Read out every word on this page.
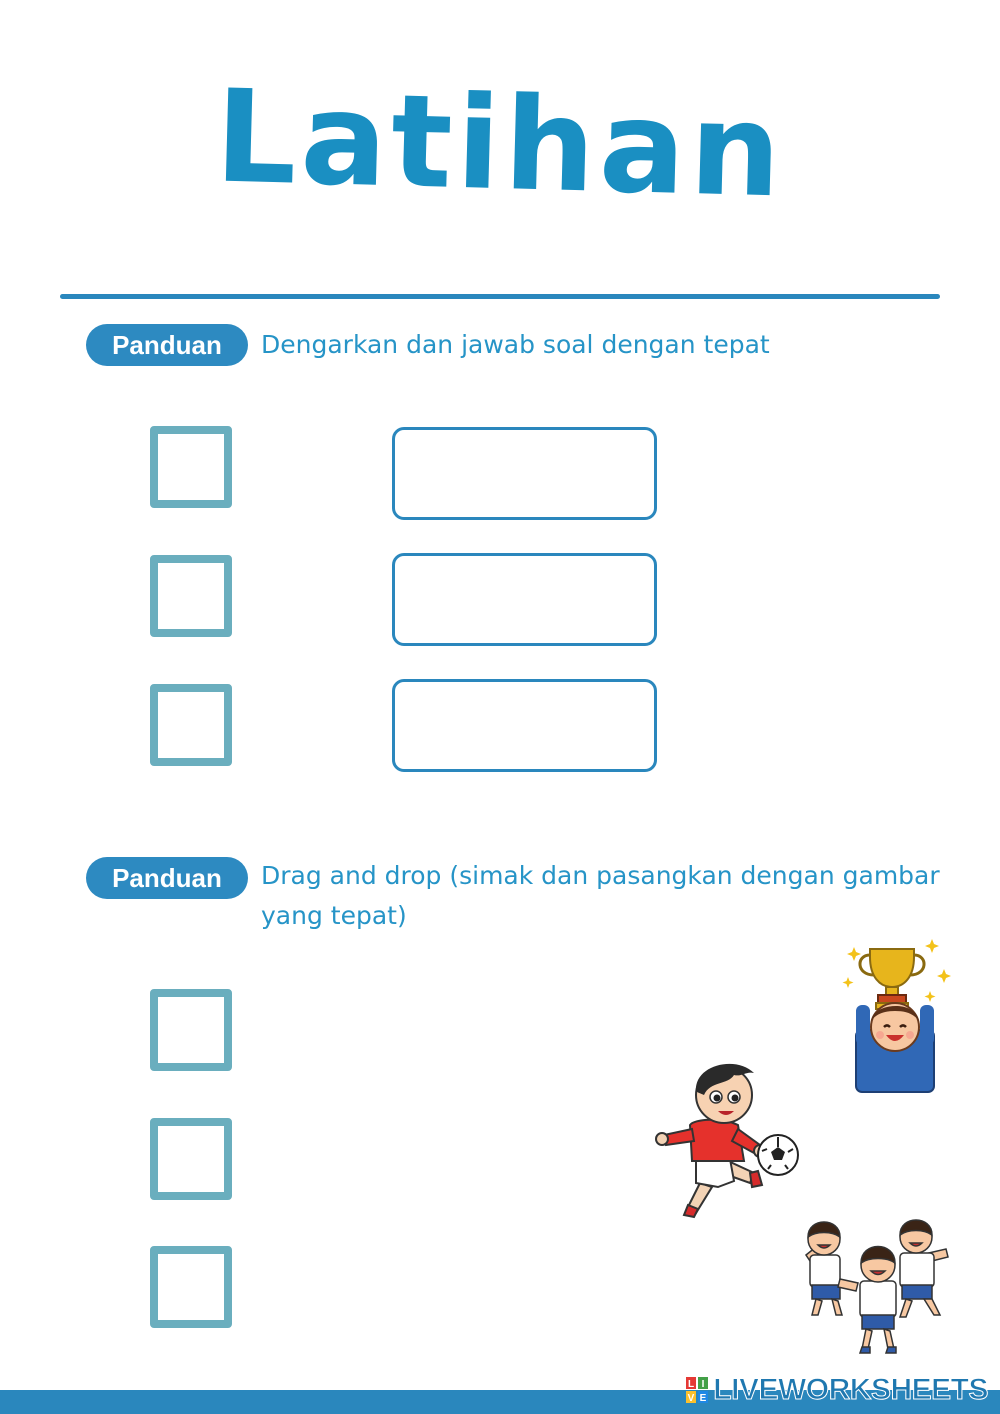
Latihan
Panduan	Dengarkan dan jawab soal dengan tepat
Panduan	Drag and drop (simak dan pasangkan dengan gambar yang tepat)
L I
V E LIVEWORKSHEETS
